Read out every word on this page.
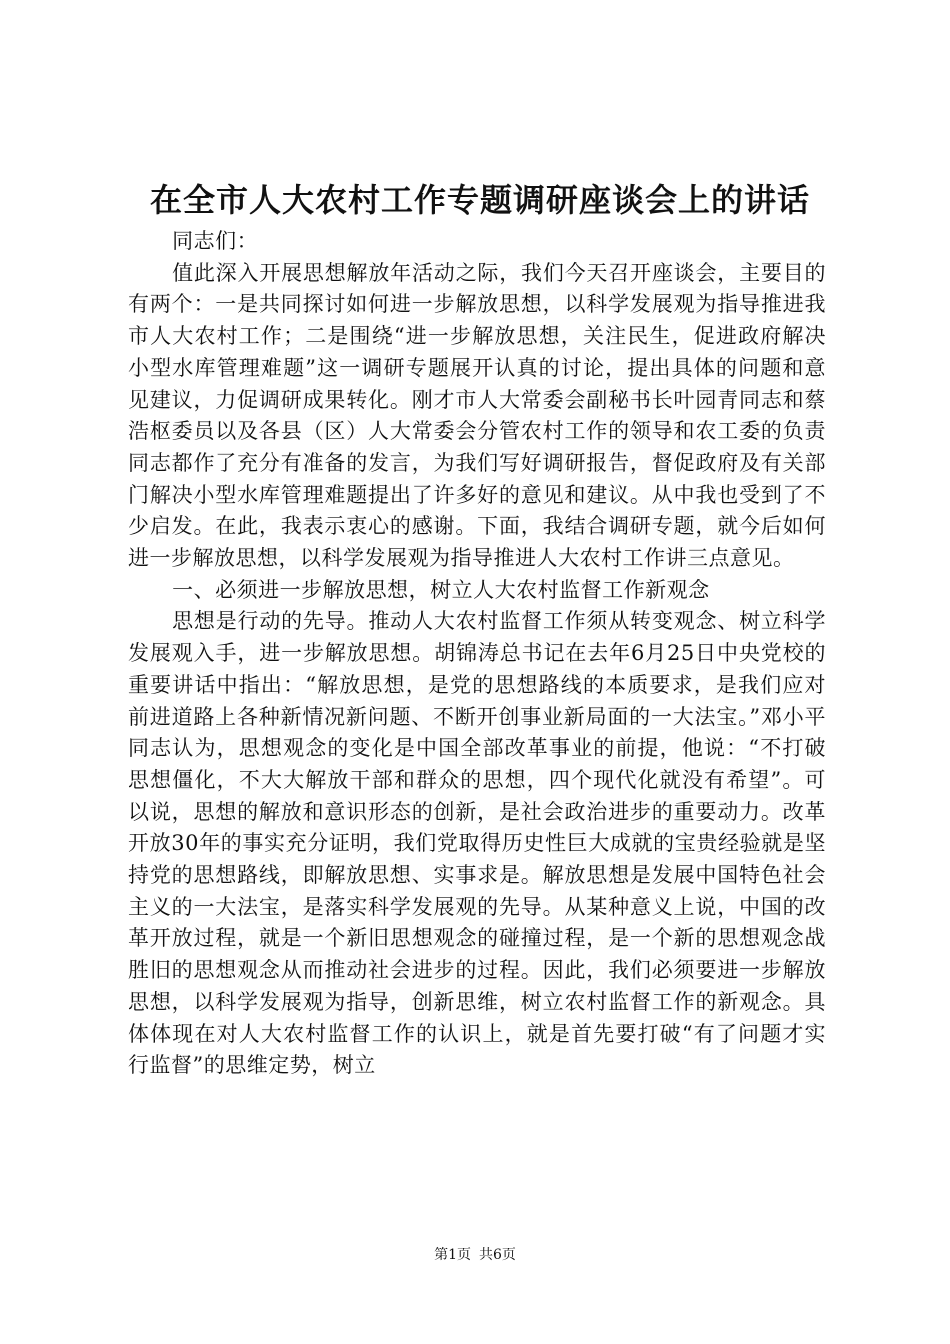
在全市人大农村工作专题调研座谈会上的讲话

同志们：

值此深入开展思想解放年活动之际，我们今天召开座谈会，主要目的有两个：一是共同探讨如何进一步解放思想，以科学发展观为指导推进我市人大农村工作；二是围绕“进一步解放思想，关注民生，促进政府解决小型水库管理难题”这一调研专题展开认真的讨论，提出具体的问题和意见建议，力促调研成果转化。刚才市人大常委会副秘书长叶园青同志和蔡浩枢委员以及各县（区）人大常委会分管农村工作的领导和农工委的负责同志都作了充分有准备的发言，为我们写好调研报告，督促政府及有关部门解决小型水库管理难题提出了许多好的意见和建议。从中我也受到了不少启发。在此，我表示衷心的感谢。下面，我结合调研专题，就今后如何进一步解放思想，以科学发展观为指导推进人大农村工作讲三点意见。

一、必须进一步解放思想，树立人大农村监督工作新观念

思想是行动的先导。推动人大农村监督工作须从转变观念、树立科学发展观入手，进一步解放思想。胡锦涛总书记在去年6月25日中央党校的重要讲话中指出：“解放思想，是党的思想路线的本质要求，是我们应对前进道路上各种新情况新问题、不断开创事业新局面的一大法宝。”邓小平同志认为，思想观念的变化是中国全部改革事业的前提，他说：“不打破思想僵化，不大大解放干部和群众的思想，四个现代化就没有希望”。可以说，思想的解放和意识形态的创新，是社会政治进步的重要动力。改革开放30年的事实充分证明，我们党取得历史性巨大成就的宝贵经验就是坚持党的思想路线，即解放思想、实事求是。解放思想是发展中国特色社会主义的一大法宝，是落实科学发展观的先导。从某种意义上说，中国的改革开放过程，就是一个新旧思想观念的碰撞过程，是一个新的思想观念战胜旧的思想观念从而推动社会进步的过程。因此，我们必须要进一步解放思想，以科学发展观为指导，创新思维，树立农村监督工作的新观念。具体体现在对人大农村监督工作的认识上，就是首先要打破“有了问题才实行监督”的思维定势，树立

第1页 共6页
